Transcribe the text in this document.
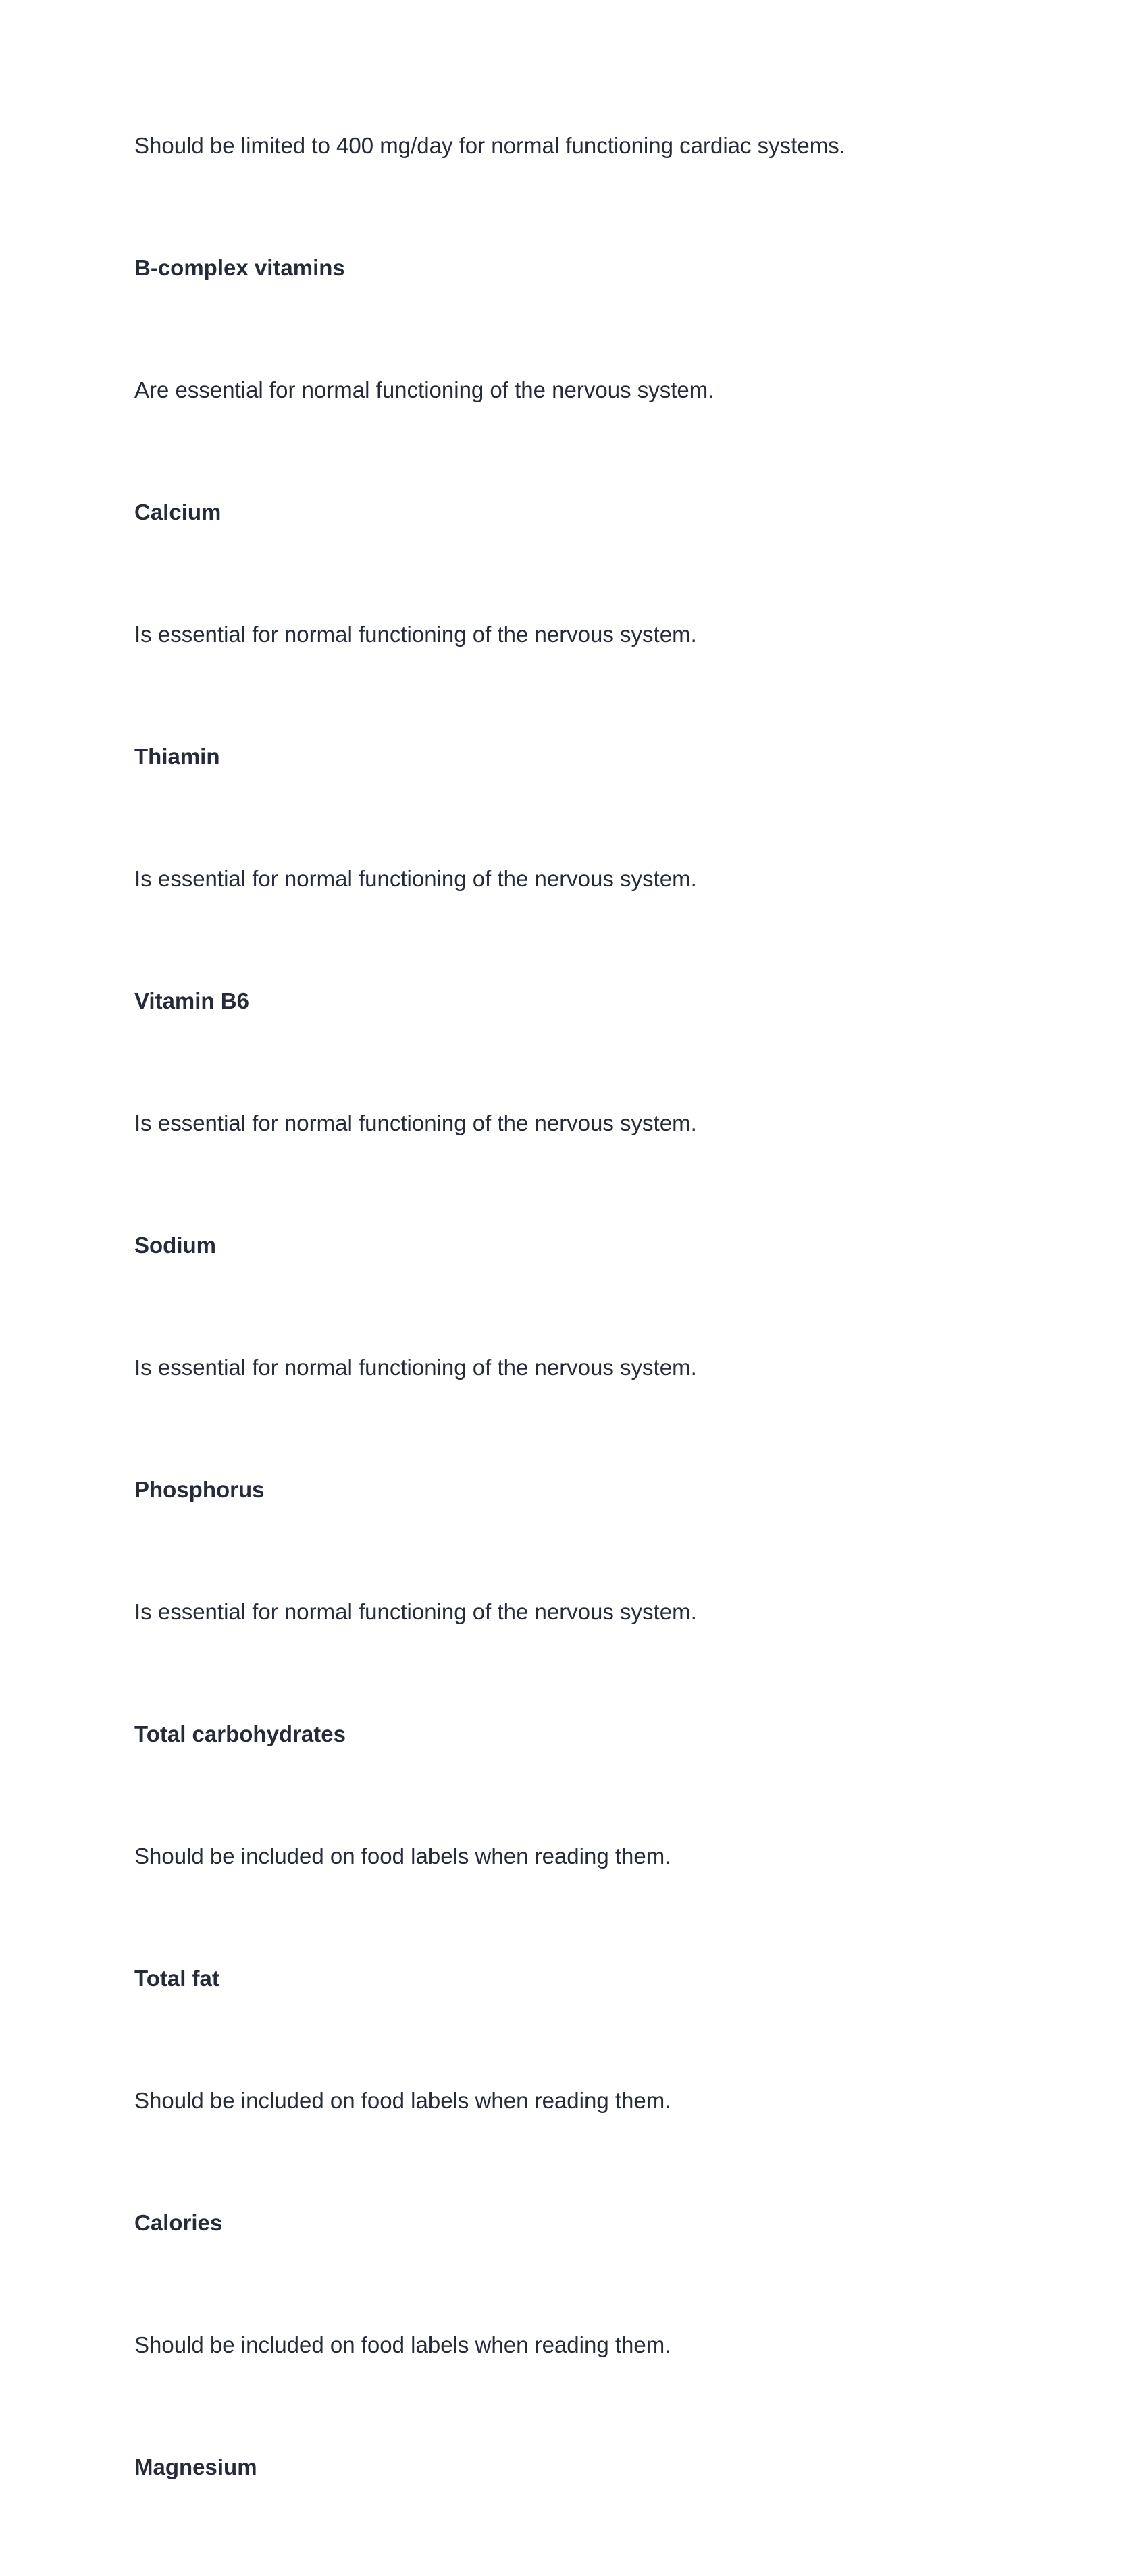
Should be limited to 400 mg/day for normal functioning cardiac systems.

B-complex vitamins

Are essential for normal functioning of the nervous system.

Calcium

Is essential for normal functioning of the nervous system.

Thiamin

Is essential for normal functioning of the nervous system.

Vitamin B6

Is essential for normal functioning of the nervous system.

Sodium

Is essential for normal functioning of the nervous system.

Phosphorus

Is essential for normal functioning of the nervous system.

Total carbohydrates

Should be included on food labels when reading them.

Total fat

Should be included on food labels when reading them.

Calories

Should be included on food labels when reading them.

Magnesium
